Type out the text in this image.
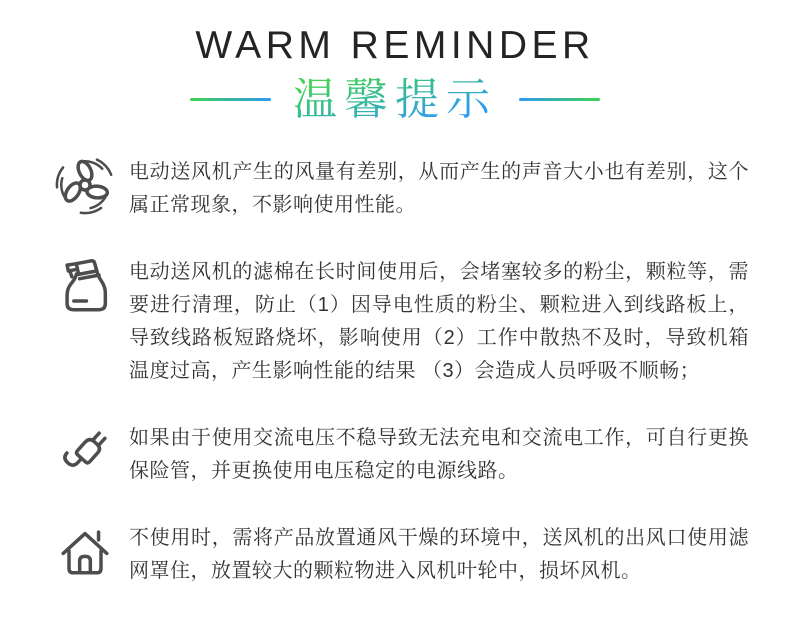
WARM REMINDER
温馨提示
电动送风机产生的风量有差别，从而产生的声音大小也有差别，这个属正常现象，不影响使用性能。
电动送风机的滤棉在长时间使用后，会堵塞较多的粉尘，颗粒等，需要进行清理，防止（1）因导电性质的粉尘、颗粒进入到线路板上，导致线路板短路烧坏，影响使用（2）工作中散热不及时，导致机箱温度过高，产生影响性能的结果 （3）会造成人员呼吸不顺畅；
如果由于使用交流电压不稳导致无法充电和交流电工作，可自行更换保险管，并更换使用电压稳定的电源线路。
不使用时，需将产品放置通风干燥的环境中，送风机的出风口使用滤网罩住，放置较大的颗粒物进入风机叶轮中，损坏风机。
